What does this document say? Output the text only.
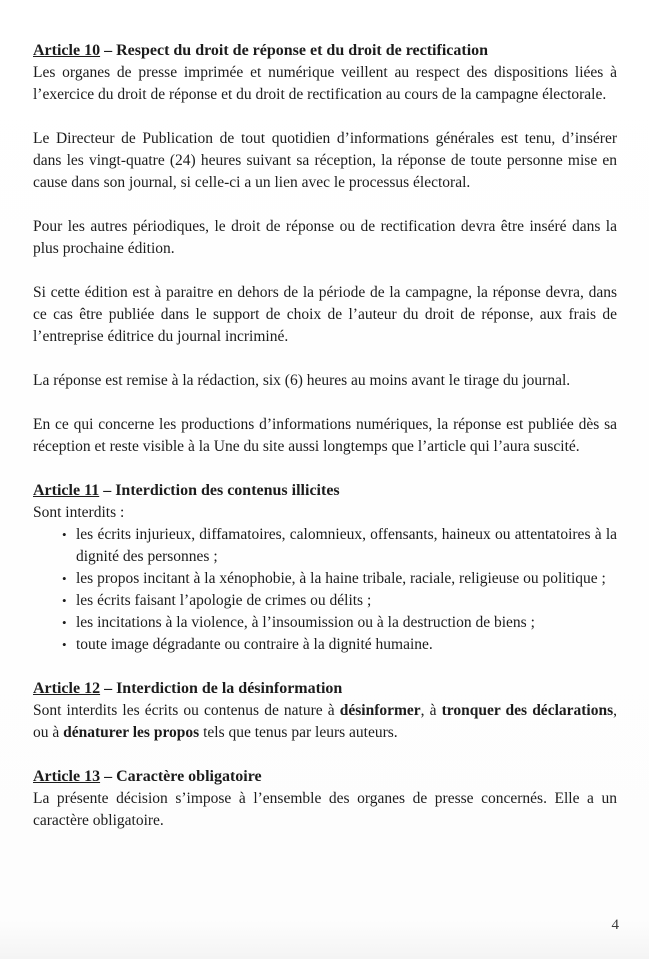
Article 10 – Respect du droit de réponse et du droit de rectification

Les organes de presse imprimée et numérique veillent au respect des dispositions liées à l’exercice du droit de réponse et du droit de rectification au cours de la campagne électorale.

Le Directeur de Publication de tout quotidien d’informations générales est tenu, d’insérer dans les vingt-quatre (24) heures suivant sa réception, la réponse de toute personne mise en cause dans son journal, si celle-ci a un lien avec le processus électoral.

Pour les autres périodiques, le droit de réponse ou de rectification devra être inséré dans la plus prochaine édition.

Si cette édition est à paraitre en dehors de la période de la campagne, la réponse devra, dans ce cas être publiée dans le support de choix de l’auteur du droit de réponse, aux frais de l’entreprise éditrice du journal incriminé.

La réponse est remise à la rédaction, six (6) heures au moins avant le tirage du journal.

En ce qui concerne les productions d’informations numériques, la réponse est publiée dès sa réception et reste visible à la Une du site aussi longtemps que l’article qui l’aura suscité.

Article 11 – Interdiction des contenus illicites

Sont interdits :

• les écrits injurieux, diffamatoires, calomnieux, offensants, haineux ou attentatoires à la dignité des personnes ;
• les propos incitant à la xénophobie, à la haine tribale, raciale, religieuse ou politique ;
• les écrits faisant l’apologie de crimes ou délits ;
• les incitations à la violence, à l’insoumission ou à la destruction de biens ;
• toute image dégradante ou contraire à la dignité humaine.

Article 12 – Interdiction de la désinformation

Sont interdits les écrits ou contenus de nature à désinformer, à tronquer des déclarations, ou à dénaturer les propos tels que tenus par leurs auteurs.

Article 13 – Caractère obligatoire

La présente décision s’impose à l’ensemble des organes de presse concernés. Elle a un caractère obligatoire.

4
